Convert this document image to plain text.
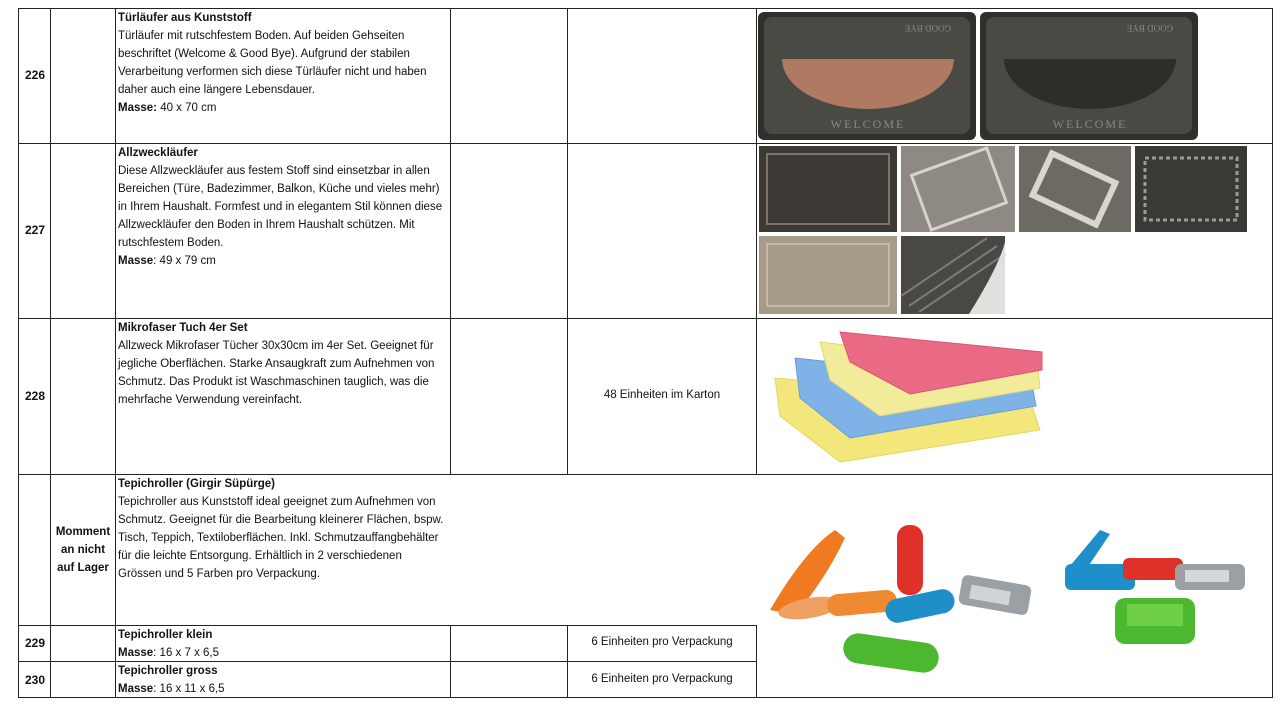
226
Türläufer aus Kunststoff
Türläufer mit rutschfestem Boden. Auf beiden Gehseiten beschriftet (Welcome & Good Bye). Aufgrund der stabilen Verarbeitung verformen sich diese Türläufer nicht und haben daher auch eine längere Lebensdauer.
Masse: 40 x 70 cm
GOOD BYE
WELCOME
GOOD BYE
WELCOME
227
Allzweckläufer
Diese Allzweckläufer aus festem Stoff sind einsetzbar in allen Bereichen (Türe, Badezimmer, Balkon, Küche und vieles mehr) in Ihrem Haushalt. Formfest und in elegantem Stil können diese Allzweckläufer den Boden in Ihrem Haushalt schützen. Mit rutschfestem Boden.
Masse: 49 x 79 cm
228
Mikrofaser Tuch 4er Set
Allzweck Mikrofaser Tücher 30x30cm im 4er Set. Geeignet für jegliche Oberflächen. Starke Ansaugkraft zum Aufnehmen von Schmutz. Das Produkt ist Waschmaschinen tauglich, was die mehrfache Verwendung vereinfacht.	48 Einheiten im Karton
Momment an nicht auf Lager
Tepichroller (Girgir Süpürge)
Tepichroller aus Kunststoff ideal geeignet zum Aufnehmen von Schmutz. Geeignet für die Bearbeitung kleinerer Flächen, bspw. Tisch, Teppich, Textiloberflächen. Inkl. Schmutzauffangbehälter für die leichte Entsorgung. Erhältlich in 2 verschiedenen Grössen und 5 Farben pro Verpackung.
229
Tepichroller klein
Masse: 16 x 7 x 6,5
6 Einheiten pro Verpackung
230
Tepichroller gross
Masse: 16 x 11 x 6,5
6 Einheiten pro Verpackung
